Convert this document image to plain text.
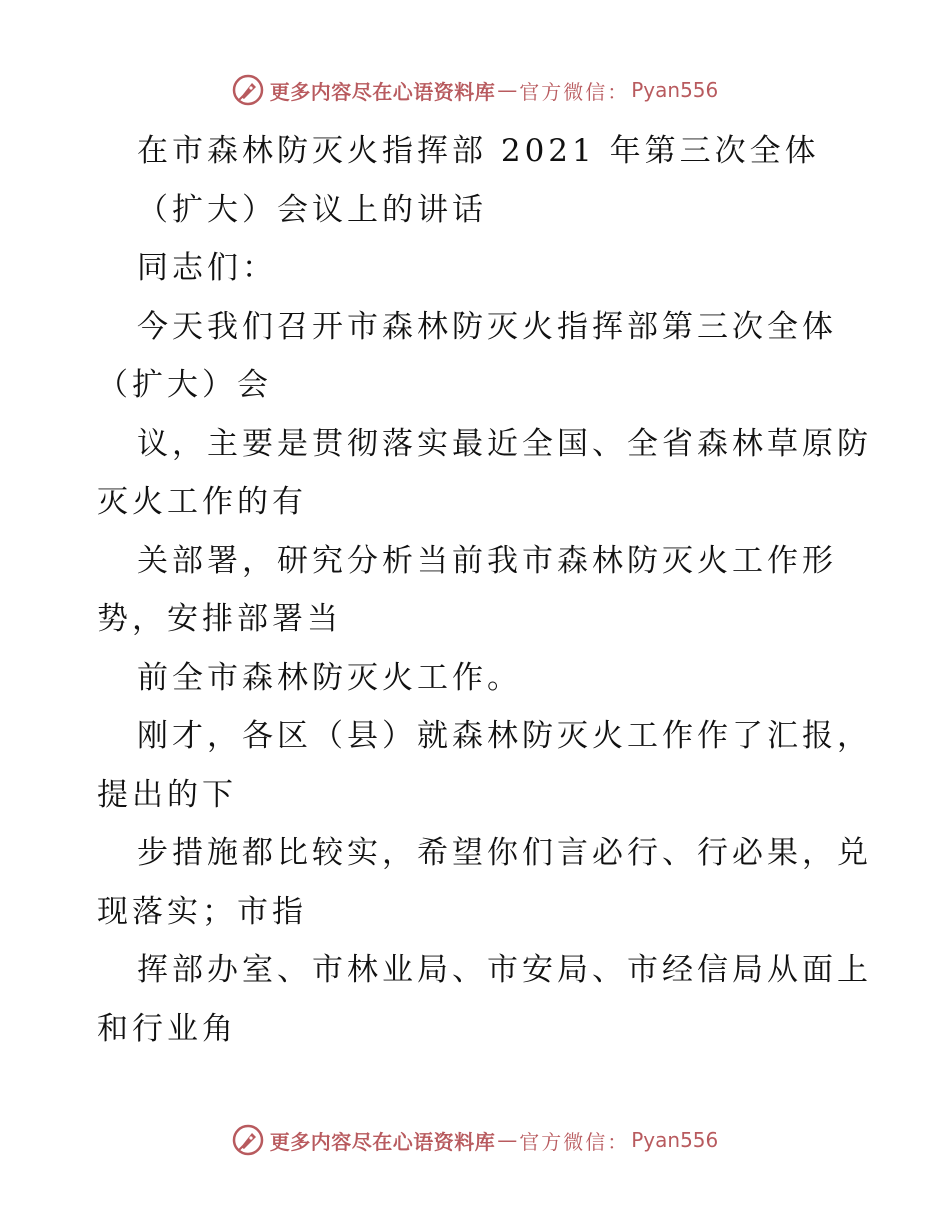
更多内容尽在心语资料库 — 官方微信： Pyan556
在市森林防灭火指挥部 2021 年第三次全体
（扩大）会议上的讲话
同志们：
今天我们召开市森林防灭火指挥部第三次全体
（扩大）会
议，主要是贯彻落实最近全国、全省森林草原防
灭火工作的有
关部署，研究分析当前我市森林防灭火工作形
势，安排部署当
前全市森林防灭火工作。
刚才，各区（县）就森林防灭火工作作了汇报，
提出的下
步措施都比较实，希望你们言必行、行必果，兑
现落实；市指
挥部办室、市林业局、市安局、市经信局从面上
和行业角
更多内容尽在心语资料库 — 官方微信： Pyan556
